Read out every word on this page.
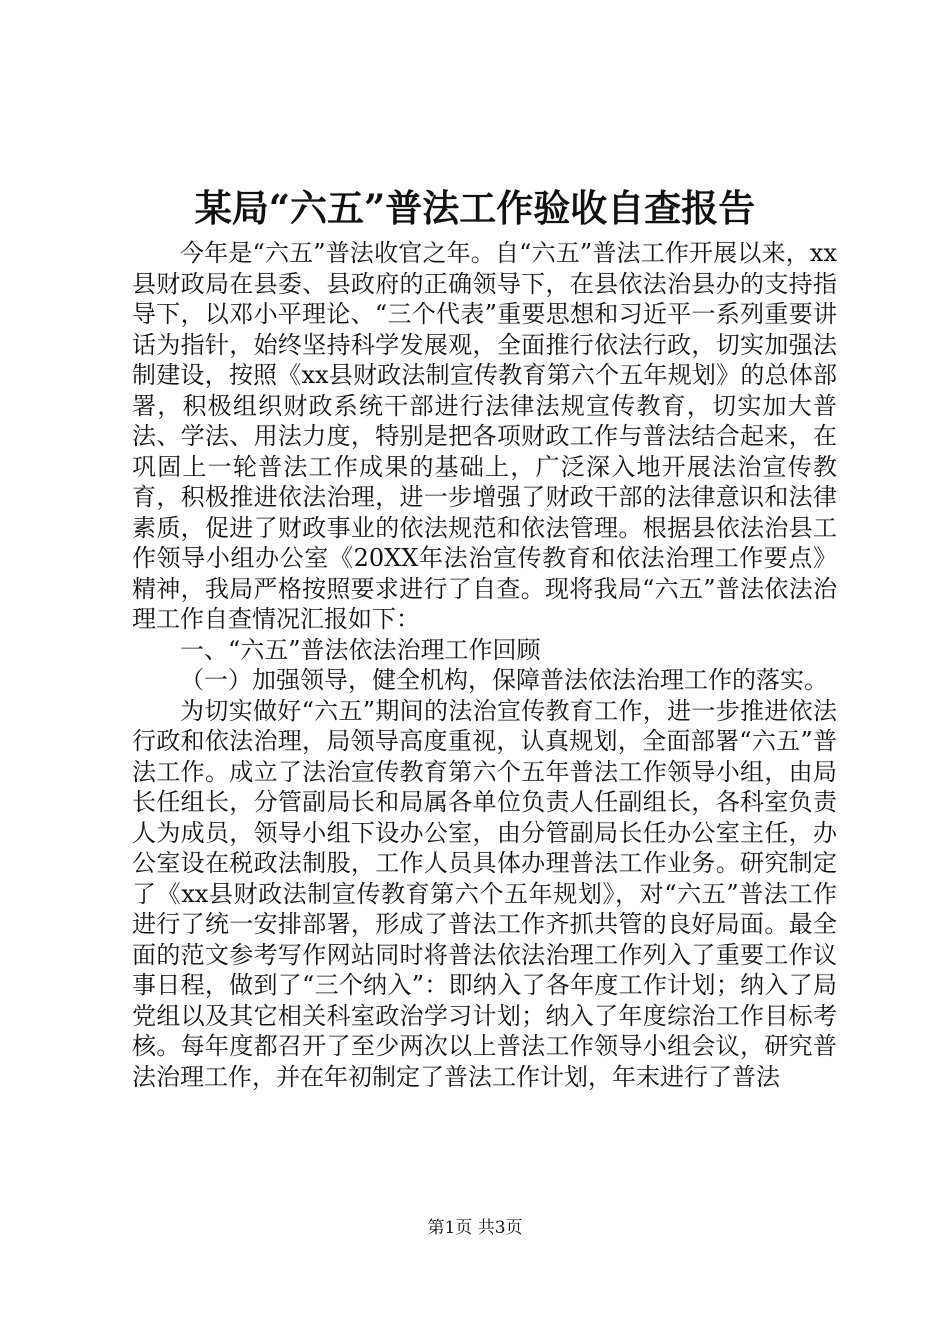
某局“六五”普法工作验收自查报告

今年是“六五”普法收官之年。自“六五”普法工作开展以来，xx县财政局在县委、县政府的正确领导下，在县依法治县办的支持指导下，以邓小平理论、“三个代表”重要思想和习近平一系列重要讲话为指针，始终坚持科学发展观，全面推行依法行政，切实加强法制建设，按照《xx县财政法制宣传教育第六个五年规划》的总体部署，积极组织财政系统干部进行法律法规宣传教育，切实加大普法、学法、用法力度，特别是把各项财政工作与普法结合起来，在巩固上一轮普法工作成果的基础上，广泛深入地开展法治宣传教育，积极推进依法治理，进一步增强了财政干部的法律意识和法律素质，促进了财政事业的依法规范和依法管理。根据县依法治县工作领导小组办公室《20XX年法治宣传教育和依法治理工作要点》精神，我局严格按照要求进行了自查。现将我局“六五”普法依法治理工作自查情况汇报如下：

一、“六五”普法依法治理工作回顾

（一）加强领导，健全机构，保障普法依法治理工作的落实。

为切实做好“六五”期间的法治宣传教育工作，进一步推进依法行政和依法治理，局领导高度重视，认真规划，全面部署“六五”普法工作。成立了法治宣传教育第六个五年普法工作领导小组，由局长任组长，分管副局长和局属各单位负责人任副组长，各科室负责人为成员，领导小组下设办公室，由分管副局长任办公室主任，办公室设在税政法制股，工作人员具体办理普法工作业务。研究制定了《xx县财政法制宣传教育第六个五年规划》，对“六五”普法工作进行了统一安排部署，形成了普法工作齐抓共管的良好局面。最全面的范文参考写作网站同时将普法依法治理工作列入了重要工作议事日程，做到了“三个纳入”：即纳入了各年度工作计划；纳入了局党组以及其它相关科室政治学习计划；纳入了年度综治工作目标考核。每年度都召开了至少两次以上普法工作领导小组会议，研究普法治理工作，并在年初制定了普法工作计划，年末进行了普法

第1页 共3页
